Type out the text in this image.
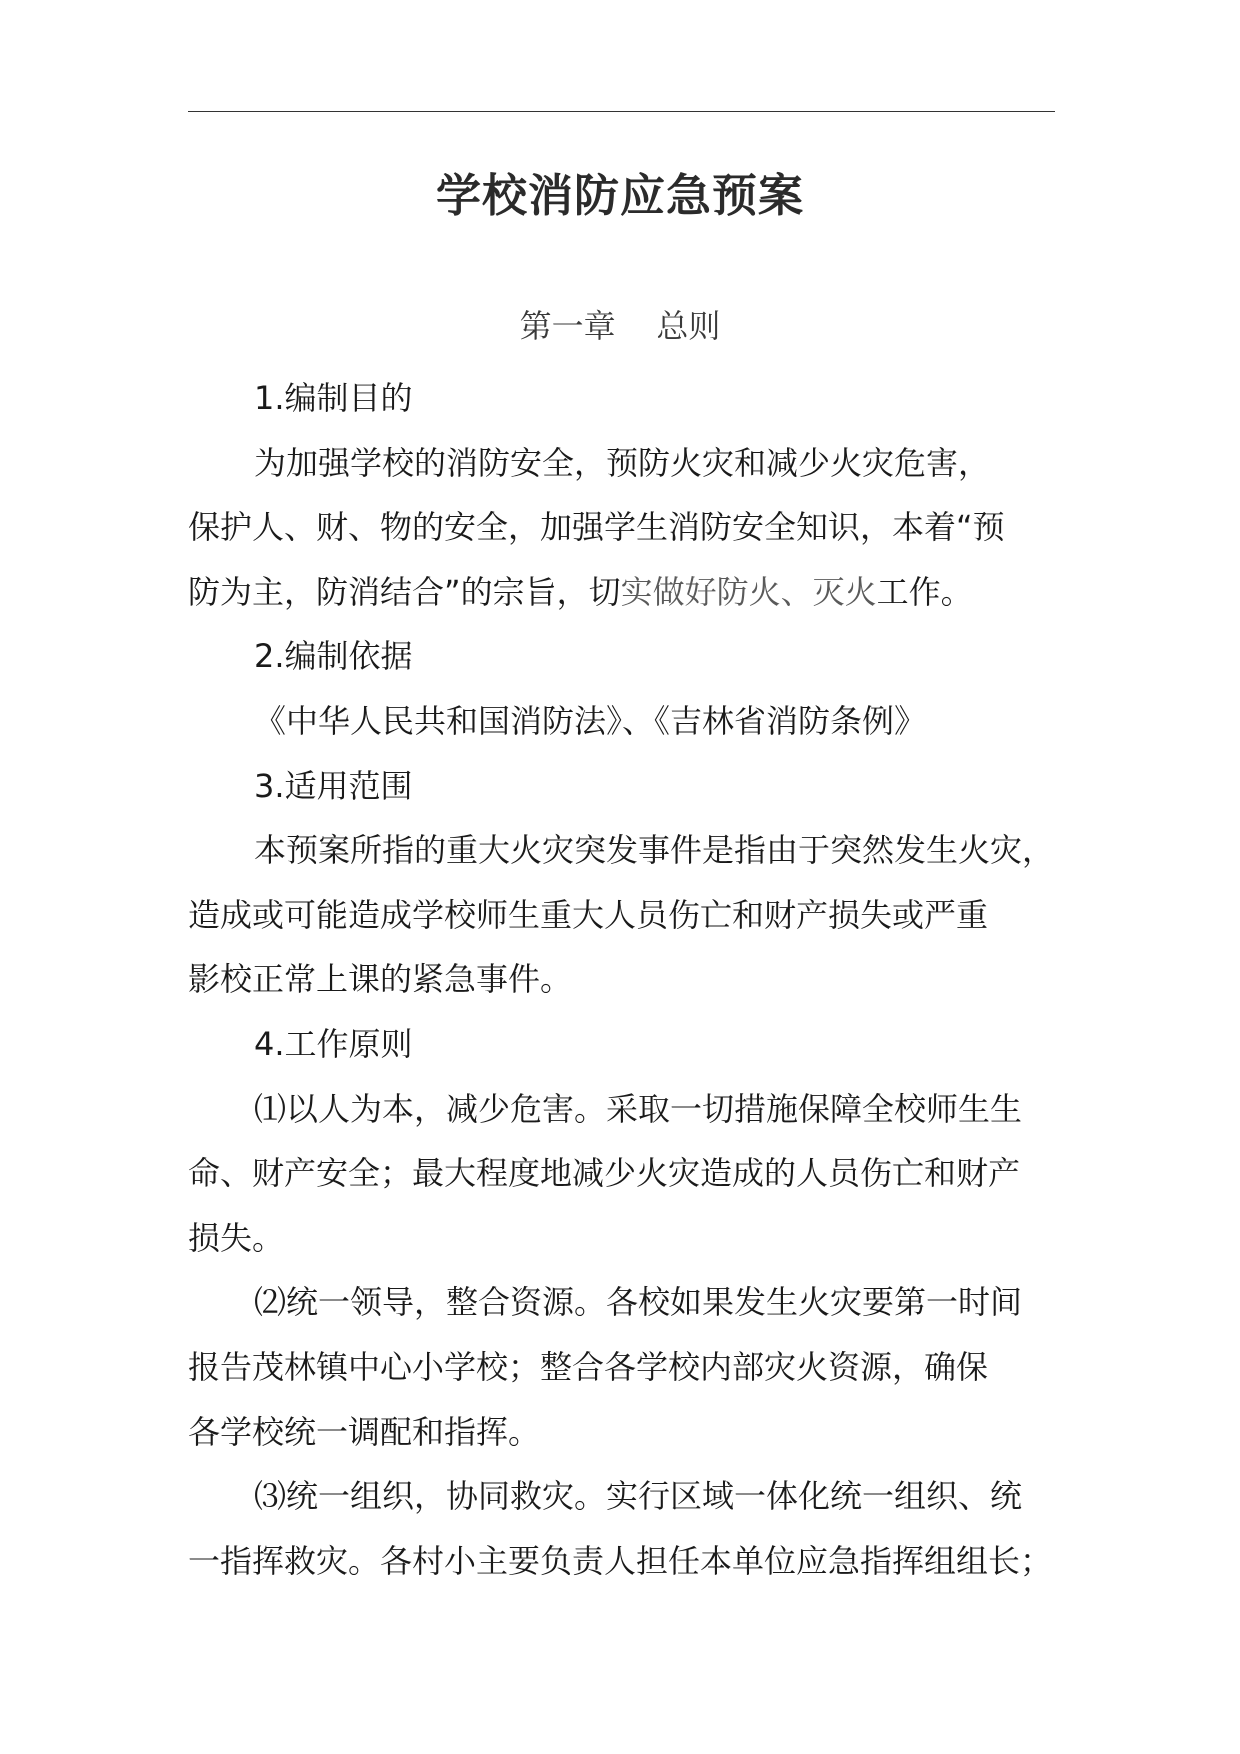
学校消防应急预案
第一章    总则
1.编制目的
为加强学校的消防安全，预防火灾和减少火灾危害，
保护人、财、物的安全，加强学生消防安全知识，本着“预
防为主，防消结合”的宗旨，切实做好防火、灭火工作。
2.编制依据
《中华人民共和国消防法》、《吉林省消防条例》
3.适用范围
本预案所指的重大火灾突发事件是指由于突然发生火灾，
造成或可能造成学校师生重大人员伤亡和财产损失或严重
影校正常上课的紧急事件。
4.工作原则
⑴以人为本，减少危害。采取一切措施保障全校师生生
命、财产安全；最大程度地减少火灾造成的人员伤亡和财产
损失。
⑵统一领导，整合资源。各校如果发生火灾要第一时间
报告茂林镇中心小学校；整合各学校内部灾火资源，确保
各学校统一调配和指挥。
⑶统一组织，协同救灾。实行区域一体化统一组织、统
一指挥救灾。各村小主要负责人担任本单位应急指挥组组长；
